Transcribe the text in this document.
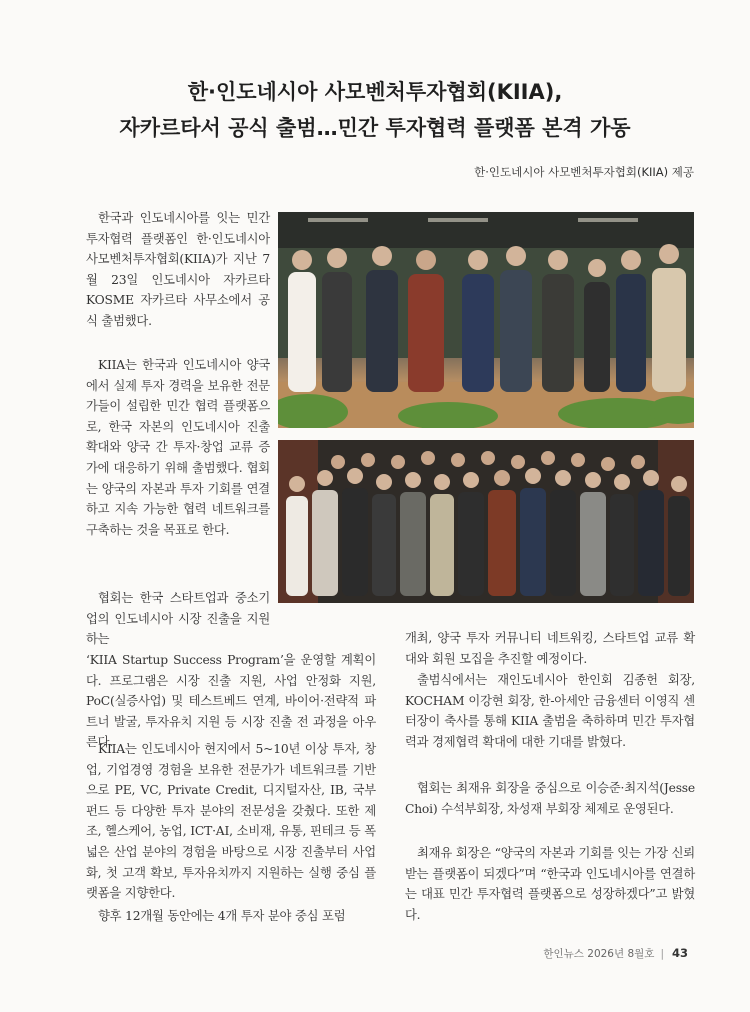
한·인도네시아 사모벤처투자협회(KIIA),
자카르타서 공식 출범…민간 투자협력 플랫폼 본격 가동
한·인도네시아 사모벤처투자협회(KIIA) 제공

한국과 인도네시아를 잇는 민간 투자협력 플랫폼인 한·인도네시아 사모벤처투자협회(KIIA)가 지난 7월 23일 인도네시아 자카르타 KOSME 자카르타 사무소에서 공식 출범했다.

KIIA는 한국과 인도네시아 양국에서 실제 투자 경력을 보유한 전문가들이 설립한 민간 협력 플랫폼으로, 한국 자본의 인도네시아 진출 확대와 양국 간 투자·창업 교류 증가에 대응하기 위해 출범했다. 협회는 양국의 자본과 투자 기회를 연결하고 지속 가능한 협력 네트워크를 구축하는 것을 목표로 한다.

협회는 한국 스타트업과 중소기업의 인도네시아 시장 진출을 지원하는

‘KIIA Startup Success Program’을 운영할 계획이다. 프로그램은 시장 진출 지원, 사업 안정화 지원, PoC(실증사업) 및 테스트베드 연계, 바이어·전략적 파트너 발굴, 투자유치 지원 등 시장 진출 전 과정을 아우른다.

KIIA는 인도네시아 현지에서 5~10년 이상 투자, 창업, 기업경영 경험을 보유한 전문가가 네트워크를 기반으로 PE, VC, Private Credit, 디지털자산, IB, 국부펀드 등 다양한 투자 분야의 전문성을 갖췄다. 또한 제조, 헬스케어, 농업, ICT·AI, 소비재, 유통, 핀테크 등 폭넓은 산업 분야의 경험을 바탕으로 시장 진출부터 사업화, 첫 고객 확보, 투자유치까지 지원하는 실행 중심 플랫폼을 지향한다.

향후 12개월 동안에는 4개 투자 분야 중심 포럼

개최, 양국 투자 커뮤니티 네트워킹, 스타트업 교류 확대와 회원 모집을 추진할 예정이다.

출범식에서는 재인도네시아 한인회 김종헌 회장, KOCHAM 이강현 회장, 한-아세안 금융센터 이영직 센터장이 축사를 통해 KIIA 출범을 축하하며 민간 투자협력과 경제협력 확대에 대한 기대를 밝혔다.

협회는 최재유 회장을 중심으로 이승준·최지석(Jesse Choi) 수석부회장, 차성재 부회장 체제로 운영된다.

최재유 회장은 “양국의 자본과 기회를 잇는 가장 신뢰받는 플랫폼이 되겠다”며 “한국과 인도네시아를 연결하는 대표 민간 투자협력 플랫폼으로 성장하겠다”고 밝혔다.

한인뉴스 2026년 8월호 | 43
